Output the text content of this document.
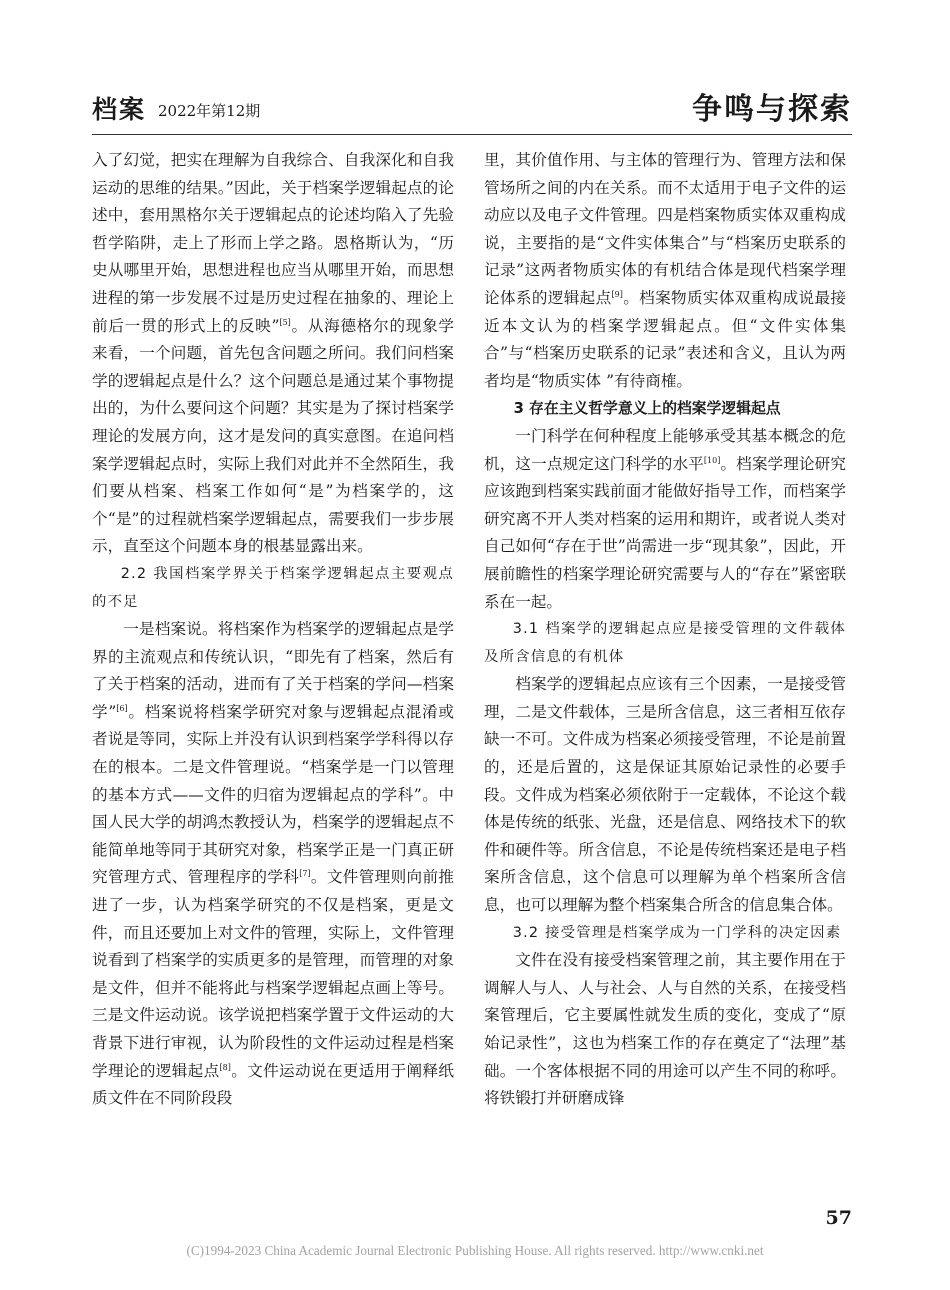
档案 2022年第12期	争鸣与探索

入了幻觉，把实在理解为自我综合、自我深化和自我运动的思维的结果。”因此，关于档案学逻辑起点的论述中，套用黑格尔关于逻辑起点的论述均陷入了先验哲学陷阱，走上了形而上学之路。恩格斯认为，“历史从哪里开始，思想进程也应当从哪里开始，而思想进程的第一步发展不过是历史过程在抽象的、理论上前后一贯的形式上的反映”[5]。从海德格尔的现象学来看，一个问题，首先包含问题之所问。我们问档案学的逻辑起点是什么？这个问题总是通过某个事物提出的，为什么要问这个问题？其实是为了探讨档案学理论的发展方向，这才是发问的真实意图。在追问档案学逻辑起点时，实际上我们对此并不全然陌生，我们要从档案、档案工作如何“是”为档案学的，这个“是”的过程就档案学逻辑起点，需要我们一步步展示，直至这个问题本身的根基显露出来。

2.2 我国档案学界关于档案学逻辑起点主要观点的不足

一是档案说。将档案作为档案学的逻辑起点是学界的主流观点和传统认识，“即先有了档案，然后有了关于档案的活动，进而有了关于档案的学问—档案学”[6]。档案说将档案学研究对象与逻辑起点混淆或者说是等同，实际上并没有认识到档案学学科得以存在的根本。二是文件管理说。“档案学是一门以管理的基本方式——文件的归宿为逻辑起点的学科”。中国人民大学的胡鸿杰教授认为，档案学的逻辑起点不能简单地等同于其研究对象，档案学正是一门真正研究管理方式、管理程序的学科[7]。文件管理则向前推进了一步，认为档案学研究的不仅是档案，更是文件，而且还要加上对文件的管理，实际上，文件管理说看到了档案学的实质更多的是管理，而管理的对象是文件，但并不能将此与档案学逻辑起点画上等号。三是文件运动说。该学说把档案学置于文件运动的大背景下进行审视，认为阶段性的文件运动过程是档案学理论的逻辑起点[8]。文件运动说在更适用于阐释纸质文件在不同阶段段

里，其价值作用、与主体的管理行为、管理方法和保管场所之间的内在关系。而不太适用于电子文件的运动应以及电子文件管理。四是档案物质实体双重构成说，主要指的是“文件实体集合”与“档案历史联系的记录”这两者物质实体的有机结合体是现代档案学理论体系的逻辑起点[9]。档案物质实体双重构成说最接近本文认为的档案学逻辑起点。但“文件实体集合”与“档案历史联系的记录”表述和含义，且认为两者均是“物质实体 ”有待商榷。

3 存在主义哲学意义上的档案学逻辑起点

一门科学在何种程度上能够承受其基本概念的危机，这一点规定这门科学的水平[10]。档案学理论研究应该跑到档案实践前面才能做好指导工作，而档案学研究离不开人类对档案的运用和期许，或者说人类对自己如何“存在于世”尚需进一步“现其象”，因此，开展前瞻性的档案学理论研究需要与人的“存在”紧密联系在一起。

3.1 档案学的逻辑起点应是接受管理的文件载体及所含信息的有机体

档案学的逻辑起点应该有三个因素，一是接受管理，二是文件载体，三是所含信息，这三者相互依存缺一不可。文件成为档案必须接受管理，不论是前置的，还是后置的，这是保证其原始记录性的必要手段。文件成为档案必须依附于一定载体，不论这个载体是传统的纸张、光盘，还是信息、网络技术下的软件和硬件等。所含信息，不论是传统档案还是电子档案所含信息，这个信息可以理解为单个档案所含信息，也可以理解为整个档案集合所含的信息集合体。

3.2 接受管理是档案学成为一门学科的决定因素

文件在没有接受档案管理之前，其主要作用在于调解人与人、人与社会、人与自然的关系，在接受档案管理后，它主要属性就发生质的变化，变成了“原始记录性”，这也为档案工作的存在奠定了“法理”基础。一个客体根据不同的用途可以产生不同的称呼。将铁锻打并研磨成锋

57
(C)1994-2023 China Academic Journal Electronic Publishing House. All rights reserved. http://www.cnki.net
